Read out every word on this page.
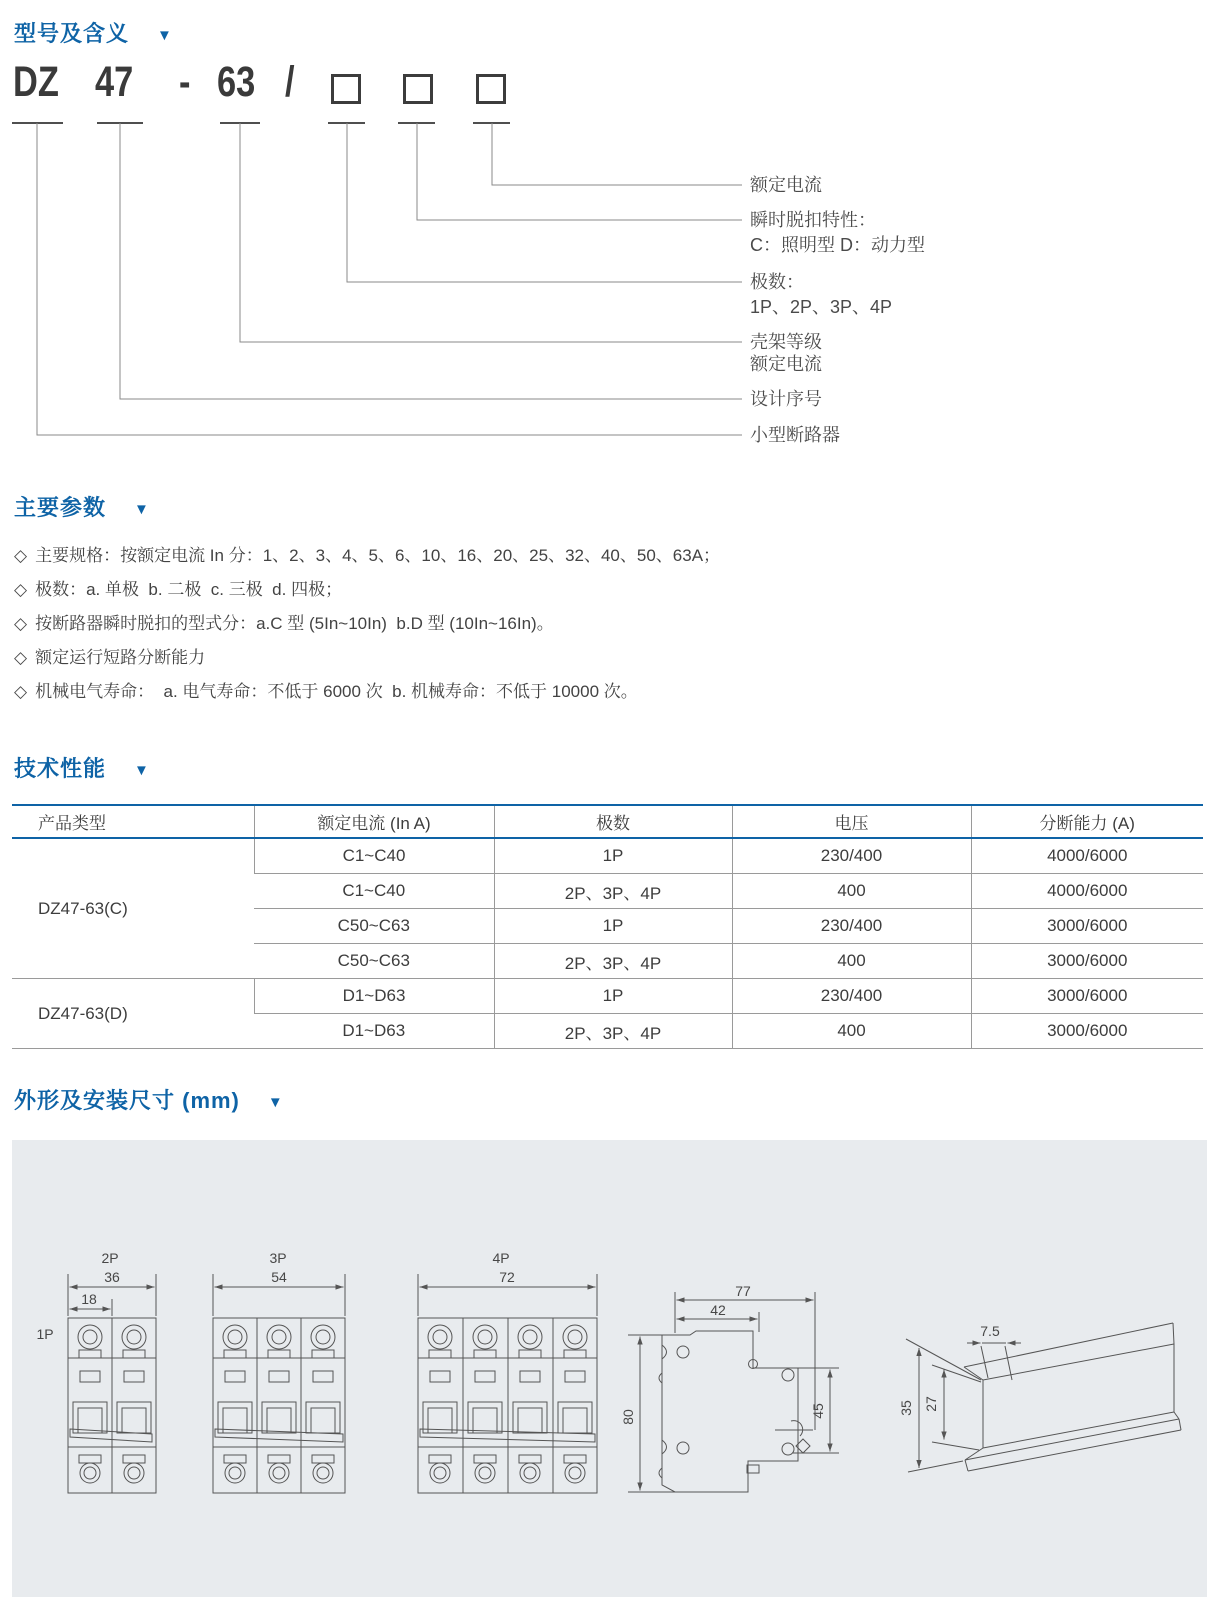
型号及含义 ▼
DZ 47 - 63 /
额定电流
瞬时脱扣特性：
C：照明型 D：动力型
极数：
1P、2P、3P、4P
壳架等级
额定电流
设计序号
小型断路器
主要参数 ▼
◇ 主要规格：按额定电流 In 分：1、2、3、4、5、6、10、16、20、25、32、40、50、63A；
◇ 极数：a. 单极  b. 二极  c. 三极  d. 四极；
◇ 按断路器瞬时脱扣的型式分：a.C 型 (5In~10In)  b.D 型 (10In~16In)。
◇ 额定运行短路分断能力
◇ 机械电气寿命：  a. 电气寿命：不低于 6000 次  b. 机械寿命：不低于 10000 次。
技术性能 ▼
产品类型	额定电流 (In A)	极数	电压	分断能力 (A)
DZ47-63(C)	C1~C40	1P	230/400	4000/6000
	C1~C40	2P、3P、4P	400	4000/6000
	C50~C63	1P	230/400	3000/6000
	C50~C63	2P、3P、4P	400	3000/6000
DZ47-63(D)	D1~D63	1P	230/400	3000/6000
	D1~D63	2P、3P、4P	400	3000/6000
外形及安装尺寸 (mm) ▼
2P
36
18
1P
3P
54
4P
72
77
42
80	45
7.5
35 27
